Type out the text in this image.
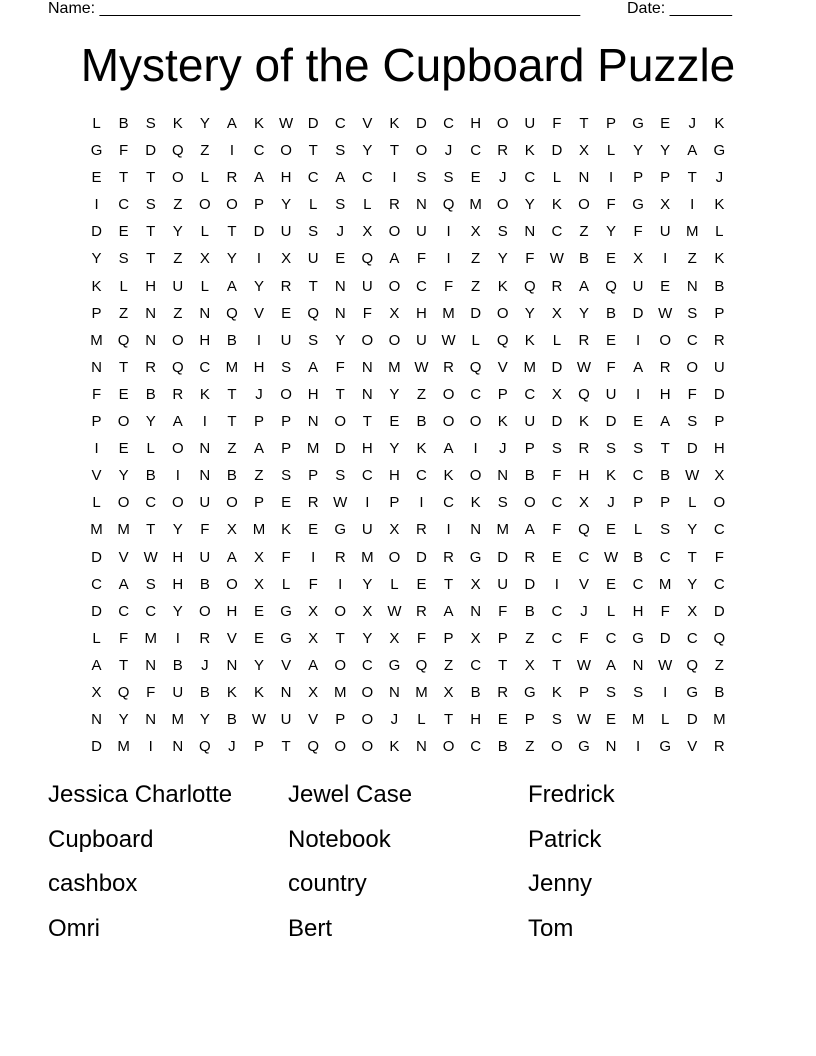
Name: ______________________________________________________	Date: _______
Mystery of the Cupboard Puzzle
L	B	S	K	Y	A	K W D	C	V	K	D	C	H	O	U	F	T	P	G	E	J	K
G	F	D	Q	Z	I	C	O	T	S	Y	T	O	J	C	R	K	D	X	L	Y	Y	A	G
E	T	T	O	L	R	A	H	C	A	C	I	S	S	E	J	C	L	N	I	P	P	T	J
I	C	S	Z	O	O	P	Y	L	S	L	R	N	Q M	O	Y	K	O	F	G	X	I	K
D	E	T	Y	L	T	D	U	S	J	X	O	U	I	X	S	N	C	Z	Y	F	U	M	L
Y	S	T	Z	X	Y	I	X	U	E	Q	A	F	I	Z	Y	F	W B	E	X	I	Z	K
K	L	H	U	L	A	Y	R	T	N	U	O	C	F	Z	K	Q	R	A	Q	U	E	N	B
P	Z	N	Z	N	Q	V	E	Q	N	F	X	H	M	D	O	Y	X	Y	B	D W S	P
M	Q	N	O	H	B	I	U	S	Y	O	O	U W	L	Q	K	L	R	E	I	O	C	R
N	T	R	Q	C	M	H	S	A	F	N	M W R	Q	V	M	D W	F	A	R	O	U
F	E	B	R	K	T	J	O	H	T	N	Y	Z	O	C	P	C	X	Q	U	I	H	F	D
P	O	Y	A	I	T	P	P	N	O	T	E	B	O	O	K	U	D	K	D	E	A	S	P
I	E	L	O	N	Z	A	P	M	D	H	Y	K	A	I	J	P	S	R	S	S	T	D	H
V	Y	B	I	N	B	Z	S	P	S	C	H	C	K	O	N	B	F	H	K	C	B W X
L	O	C	O	U	O	P	E	R W	I	P	I	C	K	S	O	C	X	J	P	P	L	O
M M	T	Y	F	X	M	K	E	G	U	X	R	I	N	M	A	F	Q	E	L	S	Y	C
D	V W H	U	A	X	F	I	R	M	O	D	R	G	D	R	E	C W B	C	T	F
C	A	S	H	B	O	X	L	F	I	Y	L	E	T	X	U	D	I	V	E	C	M	Y	C
D	C	C	Y	O	H	E	G	X	O	X W R	A	N	F	B	C	J	L	H	F	X	D
L	F	M	I	R	V	E	G	X	T	Y	X	F	P	X	P	Z	C	F	C	G	D	C	Q
A	T	N	B	J	N	Y	V	A	O	C	G	Q	Z	C	T	X	T	W A	N W Q	Z
X	Q	F	U	B	K	K	N	X	M	O	N	M	X	B	R	G	K	P	S	S	I	G	B
N	Y	N	M	Y	B W U	V	P	O	J	L	T	H	E	P	S W E	M	L	D	M
D	M	I	N	Q	J	P	T	Q	O	O	K	N	O	C	B	Z	O	G	N	I	G	V	R
Jessica Charlotte	Jewel Case	Fredrick
Cupboard	Notebook	Patrick
cashbox	country	Jenny
Omri	Bert	Tom
